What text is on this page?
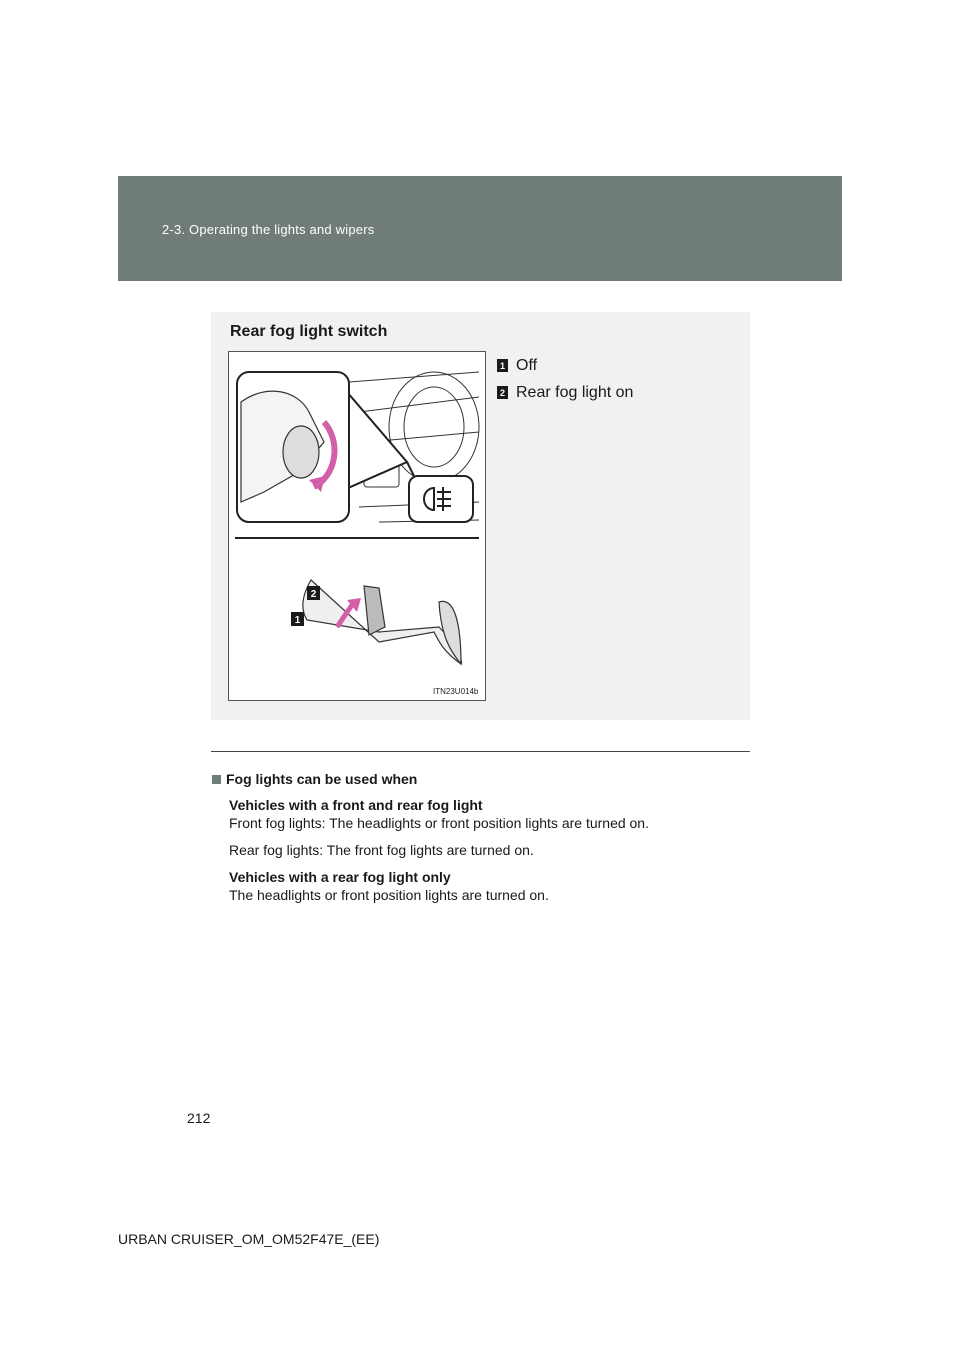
2-3. Operating the lights and wipers
Rear fog light switch
2
1
ITN23U014b
1 Off
2 Rear fog light on
Fog lights can be used when
Vehicles with a front and rear fog light
Front fog lights: The headlights or front position lights are turned on.
Rear fog lights: The front fog lights are turned on.
Vehicles with a rear fog light only
The headlights or front position lights are turned on.
212
URBAN CRUISER_OM_OM52F47E_(EE)
